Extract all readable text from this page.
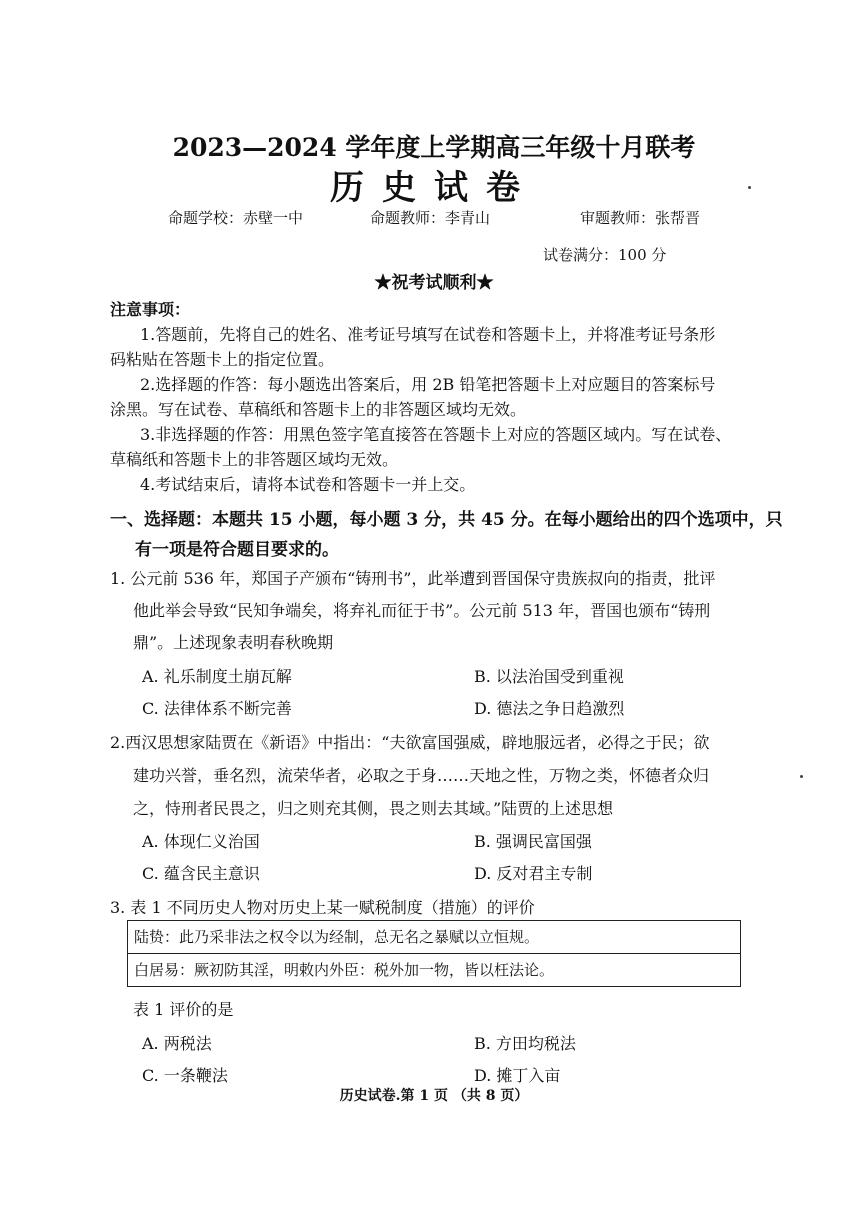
2023—2024 学年度上学期高三年级十月联考
历史试卷
命题学校：赤壁一中	命题教师：李青山	审题教师：张帮晋
试卷满分：100 分
★祝考试顺利★
注意事项：
1.答题前，先将自己的姓名、准考证号填写在试卷和答题卡上，并将准考证号条形
码粘贴在答题卡上的指定位置。
2.选择题的作答：每小题选出答案后，用 2B 铅笔把答题卡上对应题目的答案标号
涂黑。写在试卷、草稿纸和答题卡上的非答题区域均无效。
3.非选择题的作答：用黑色签字笔直接答在答题卡上对应的答题区域内。写在试卷、
草稿纸和答题卡上的非答题区域均无效。
4.考试结束后，请将本试卷和答题卡一并上交。
一、选择题：本题共 15 小题，每小题 3 分，共 45 分。在每小题给出的四个选项中，只
有一项是符合题目要求的。
1. 公元前 536 年，郑国子产颁布“铸刑书”，此举遭到晋国保守贵族叔向的指责，批评
他此举会导致“民知争端矣，将弃礼而征于书”。公元前 513 年，晋国也颁布“铸刑
鼎”。上述现象表明春秋晚期
A. 礼乐制度土崩瓦解	B. 以法治国受到重视
C. 法律体系不断完善	D. 德法之争日趋激烈
2.西汉思想家陆贾在《新语》中指出：“夫欲富国强威，辟地服远者，必得之于民；欲
建功兴誉，垂名烈，流荣华者，必取之于身……天地之性，万物之类，怀德者众归
之，恃刑者民畏之，归之则充其侧，畏之则去其域。”陆贾的上述思想
A. 体现仁义治国	B. 强调民富国强
C. 蕴含民主意识	D. 反对君主专制
3. 表 1 不同历史人物对历史上某一赋税制度（措施）的评价
陆贽：此乃采非法之权令以为经制，总无名之暴赋以立恒规。
白居易：厥初防其淫，明敕内外臣：税外加一物，皆以枉法论。
表 1 评价的是
A. 两税法	B. 方田均税法
C. 一条鞭法	D. 摊丁入亩
历史试卷.第 1 页 （共 8 页）
